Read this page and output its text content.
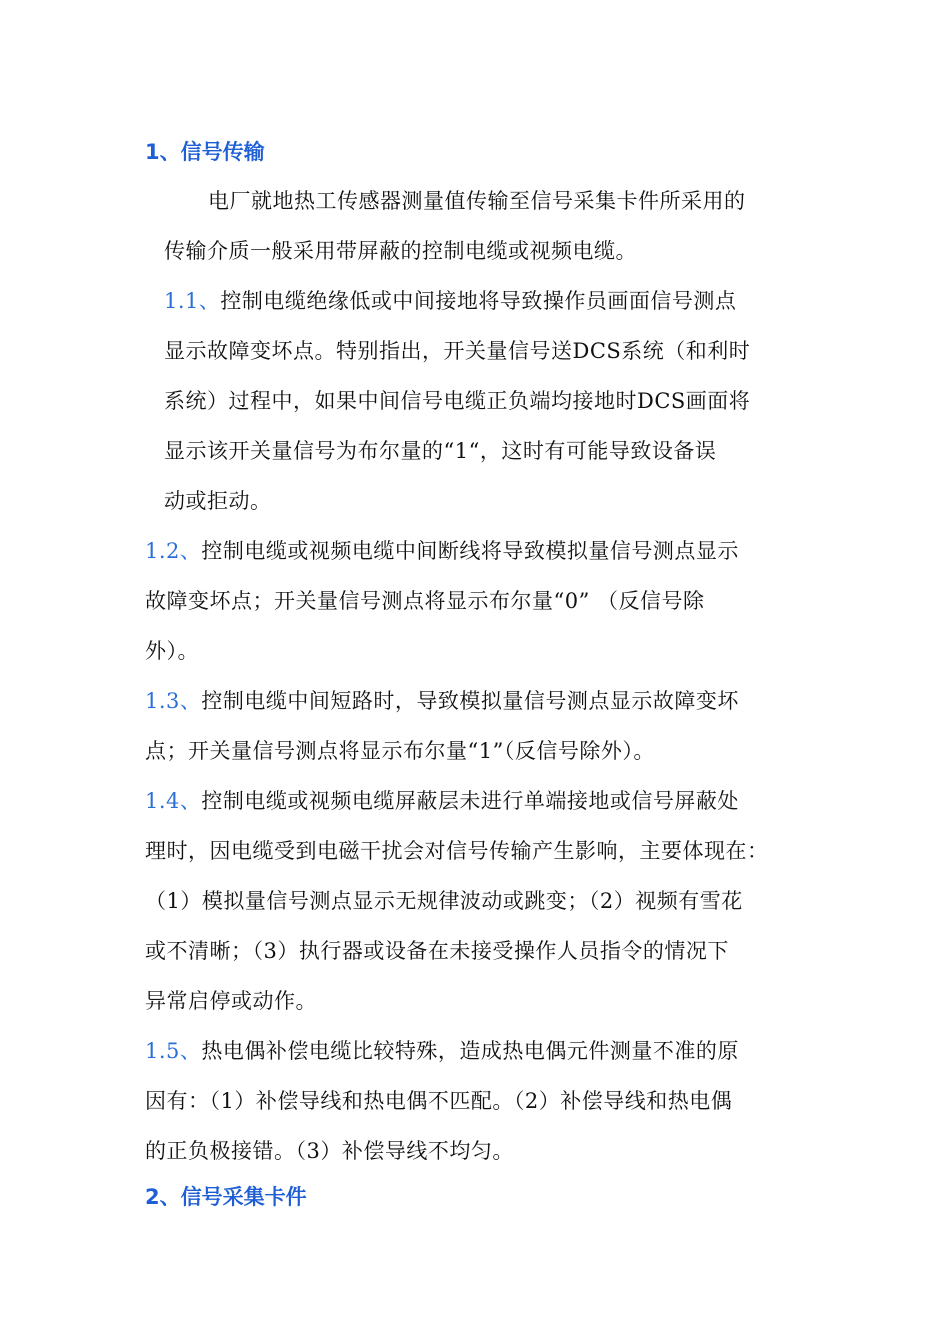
1、信号传输
电厂就地热工传感器测量值传输至信号采集卡件所采用的
传输介质一般采用带屏蔽的控制电缆或视频电缆。
1.1、控制电缆绝缘低或中间接地将导致操作员画面信号测点
显示故障变坏点。特别指出，开关量信号送DCS系统（和利时
系统）过程中，如果中间信号电缆正负端均接地时DCS画面将
显示该开关量信号为布尔量的“1“，这时有可能导致设备误
动或拒动。
1.2、控制电缆或视频电缆中间断线将导致模拟量信号测点显示
故障变坏点；开关量信号测点将显示布尔量“0” （反信号除
外）。
1.3、控制电缆中间短路时，导致模拟量信号测点显示故障变坏
点；开关量信号测点将显示布尔量“1”（反信号除外）。
1.4、控制电缆或视频电缆屏蔽层未进行单端接地或信号屏蔽处
理时，因电缆受到电磁干扰会对信号传输产生影响，主要体现在：
（1）模拟量信号测点显示无规律波动或跳变；（2）视频有雪花
或不清晰；（3）执行器或设备在未接受操作人员指令的情况下
异常启停或动作。
1.5、热电偶补偿电缆比较特殊，造成热电偶元件测量不准的原
因有：（1）补偿导线和热电偶不匹配。（2）补偿导线和热电偶
的正负极接错。（3）补偿导线不均匀。
2、信号采集卡件
